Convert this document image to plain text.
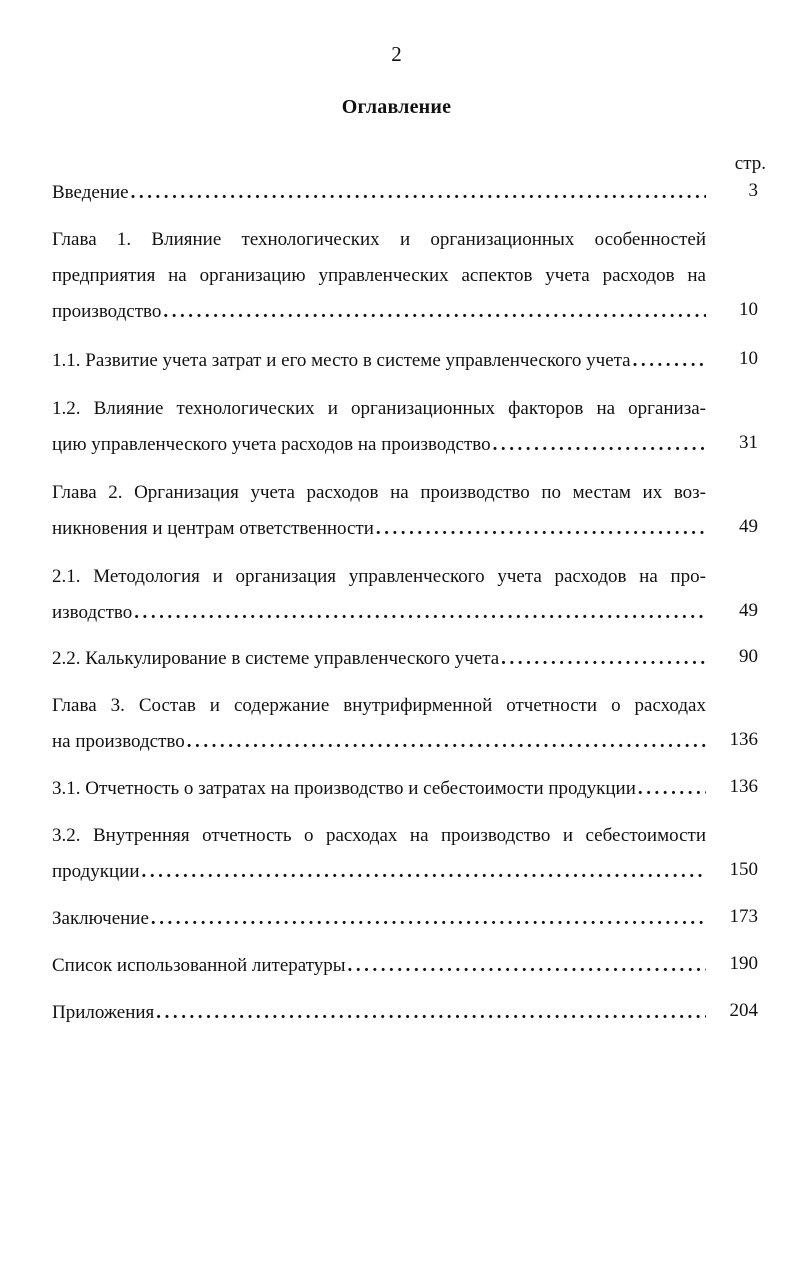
2
Оглавление
стр.
Введение . . .	3
Глава 1. Влияние технологических и организационных особенностей
предприятия на организацию управленческих аспектов учета расходов на
производство . . .	10
1.1. Развитие учета затрат и его место в системе управленческого учета . . .	10
1.2. Влияние технологических и организационных факторов на организа-
цию управленческого учета расходов на производство . . .	31
Глава 2. Организация учета расходов на производство по местам их воз-
никновения и центрам ответственности . . .	49
2.1. Методология и организация управленческого учета расходов на про-
изводство . . .	49
2.2. Калькулирование в системе управленческого учета . . .	90
Глава 3. Состав и содержание внутрифирменной отчетности о расходах
на производство . . .	136
3.1. Отчетность о затратах на производство и себестоимости продукции . . .	136
3.2. Внутренняя отчетность о расходах на производство и себестоимости
продукции . . .	150
Заключение . . .	173
Список использованной литературы . . .	190
Приложения . . .	204
